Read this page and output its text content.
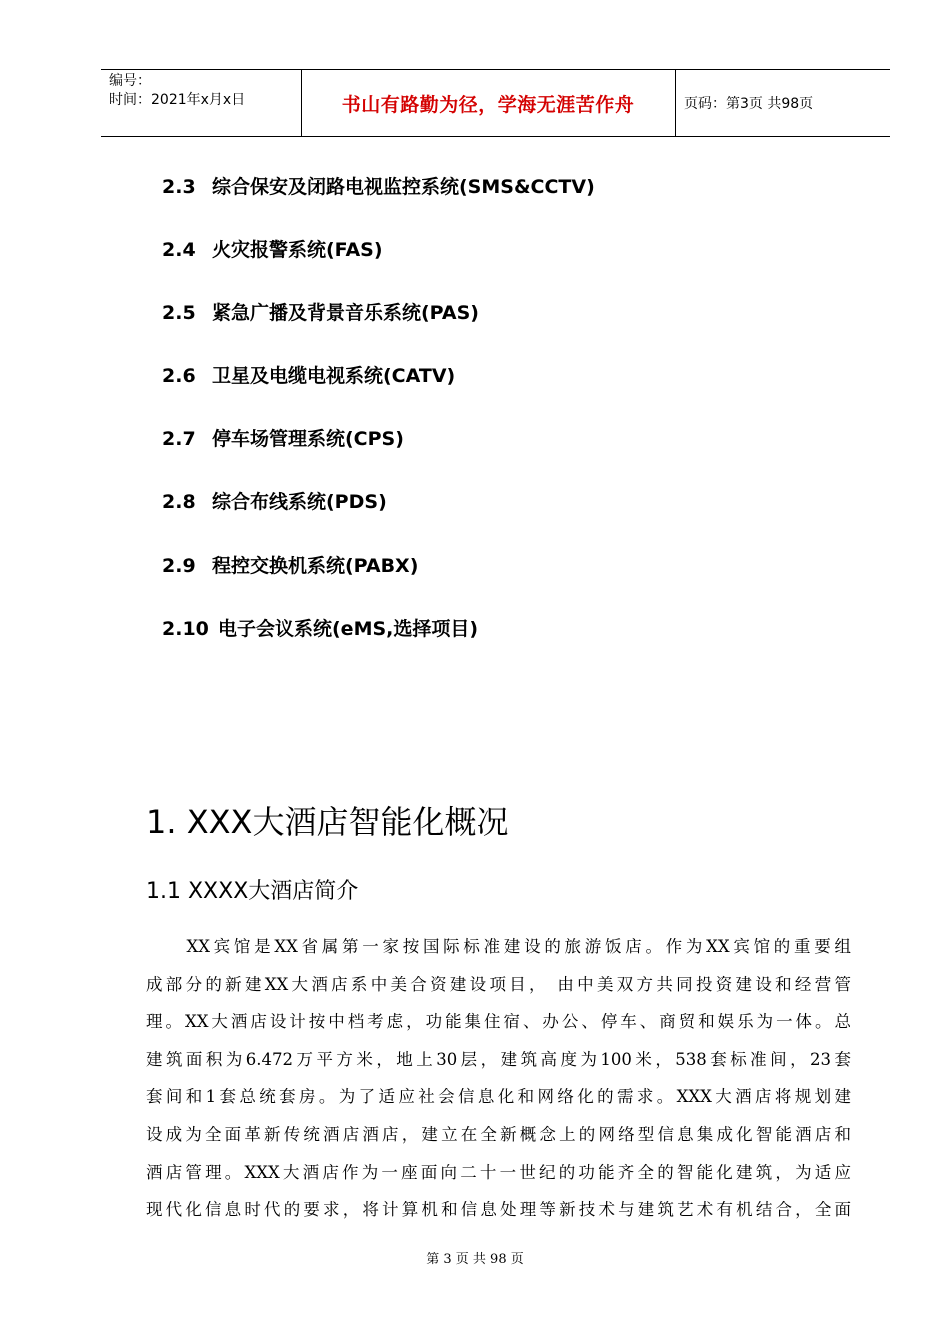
编号：
时间：2021年x月x日	书山有路勤为径，学海无涯苦作舟	页码：第3页 共98页
2.3 综合保安及闭路电视监控系统(SMS&CCTV)
2.4 火灾报警系统(FAS)
2.5 紧急广播及背景音乐系统(PAS)
2.6 卫星及电缆电视系统(CATV)
2.7 停车场管理系统(CPS)
2.8 综合布线系统(PDS)
2.9 程控交换机系统(PABX)
2.10 电子会议系统(eMS,选择项目)
1. XXX大酒店智能化概况
1.1 XXXX大酒店简介
　　XX宾馆是XX省属第一家按国际标准建设的旅游饭店。作为XX宾馆的重要组
成部分的新建XX大酒店系中美合资建设项目， 由中美双方共同投资建设和经营管
理。XX大酒店设计按中档考虑，功能集住宿、办公、停车、商贸和娱乐为一体。总
建筑面积为6.472万平方米，地上30层，建筑高度为100米，538套标准间，23套
套间和1套总统套房。为了适应社会信息化和网络化的需求。XXX大酒店将规划建
设成为全面革新传统酒店酒店，建立在全新概念上的网络型信息集成化智能酒店和
酒店管理。XXX大酒店作为一座面向二十一世纪的功能齐全的智能化建筑，为适应
现代化信息时代的要求，将计算机和信息处理等新技术与建筑艺术有机结合，全面
第 3 页 共 98 页
